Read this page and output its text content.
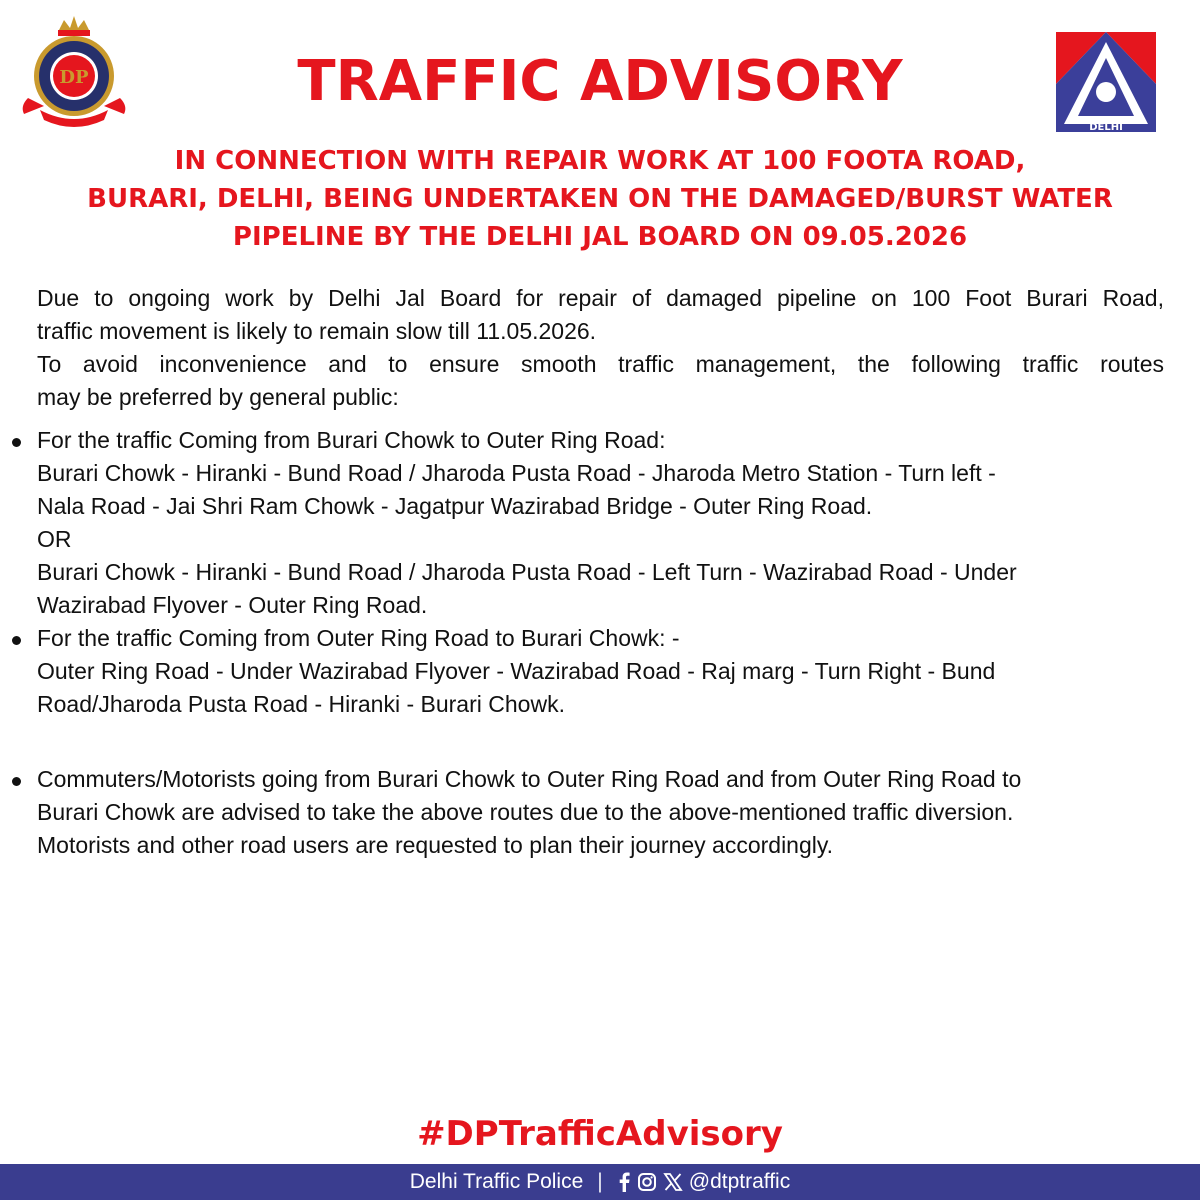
DP	TRAFFIC ADVISORY
DELHI
IN CONNECTION WITH REPAIR WORK AT 100 FOOTA ROAD,
BURARI, DELHI, BEING UNDERTAKEN ON THE DAMAGED/BURST WATER
PIPELINE BY THE DELHI JAL BOARD ON 09.05.2026
Due to ongoing work by Delhi Jal Board for repair of damaged pipeline on 100 Foot Burari Road,
traffic movement is likely to remain slow till 11.05.2026.
To avoid inconvenience and to ensure smooth traffic management, the following traffic routes
may be preferred by general public:
For the traffic Coming from Burari Chowk to Outer Ring Road:
Burari Chowk - Hiranki - Bund Road / Jharoda Pusta Road - Jharoda Metro Station - Turn left -
Nala Road - Jai Shri Ram Chowk - Jagatpur Wazirabad Bridge - Outer Ring Road.
OR
Burari Chowk - Hiranki - Bund Road / Jharoda Pusta Road - Left Turn - Wazirabad Road - Under
Wazirabad Flyover - Outer Ring Road.
For the traffic Coming from Outer Ring Road to Burari Chowk: -
Outer Ring Road - Under Wazirabad Flyover - Wazirabad Road - Raj marg - Turn Right - Bund
Road/Jharoda Pusta Road - Hiranki - Burari Chowk.
Commuters/Motorists going from Burari Chowk to Outer Ring Road and from Outer Ring Road to
Burari Chowk are advised to take the above routes due to the above-mentioned traffic diversion.
Motorists and other road users are requested to plan their journey accordingly.
#DPTrafficAdvisory
Delhi Traffic Police |	@dtptraffic
